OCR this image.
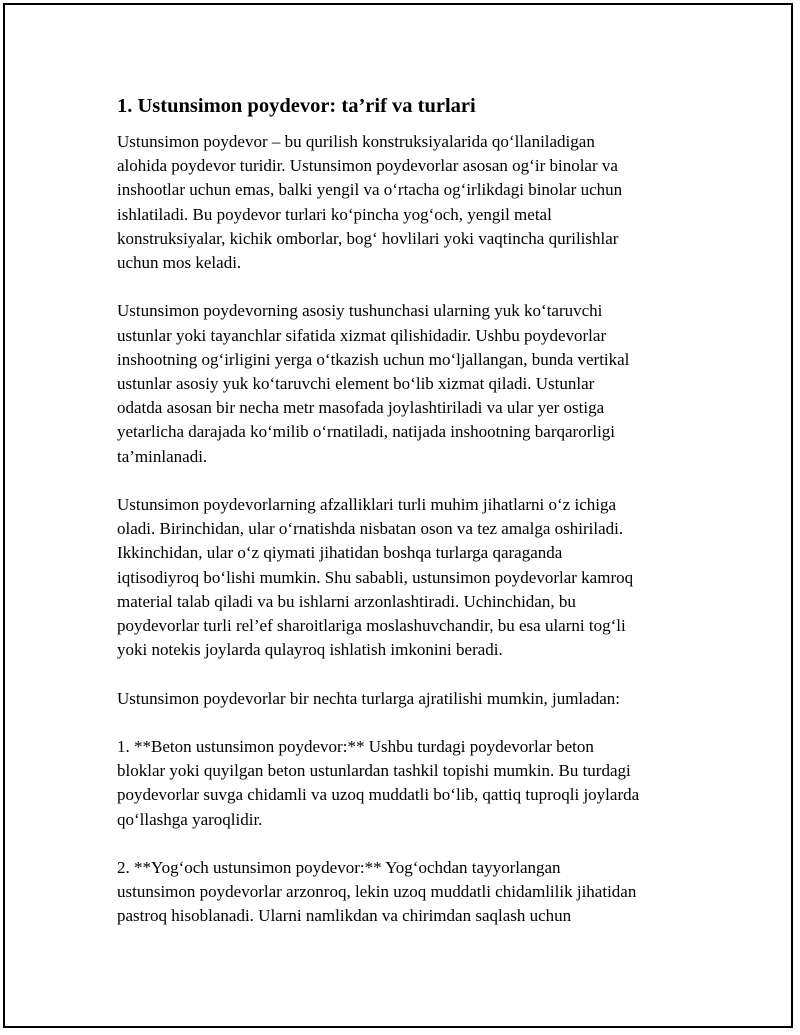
1. Ustunsimon poydevor: ta’rif va turlari
Ustunsimon poydevor – bu qurilish konstruksiyalarida qo‘llaniladigan
alohida poydevor turidir. Ustunsimon poydevorlar asosan og‘ir binolar va
inshootlar uchun emas, balki yengil va o‘rtacha og‘irlikdagi binolar uchun
ishlatiladi. Bu poydevor turlari ko‘pincha yog‘och, yengil metal
konstruksiyalar, kichik omborlar, bog‘ hovlilari yoki vaqtincha qurilishlar
uchun mos keladi.
Ustunsimon poydevorning asosiy tushunchasi ularning yuk ko‘taruvchi
ustunlar yoki tayanchlar sifatida xizmat qilishidadir. Ushbu poydevorlar
inshootning og‘irligini yerga o‘tkazish uchun mo‘ljallangan, bunda vertikal
ustunlar asosiy yuk ko‘taruvchi element bo‘lib xizmat qiladi. Ustunlar
odatda asosan bir necha metr masofada joylashtiriladi va ular yer ostiga
yetarlicha darajada ko‘milib o‘rnatiladi, natijada inshootning barqarorligi
ta’minlanadi.
Ustunsimon poydevorlarning afzalliklari turli muhim jihatlarni o‘z ichiga
oladi. Birinchidan, ular o‘rnatishda nisbatan oson va tez amalga oshiriladi.
Ikkinchidan, ular o‘z qiymati jihatidan boshqa turlarga qaraganda
iqtisodiyroq bo‘lishi mumkin. Shu sababli, ustunsimon poydevorlar kamroq
material talab qiladi va bu ishlarni arzonlashtiradi. Uchinchidan, bu
poydevorlar turli rel’ef sharoitlariga moslashuvchandir, bu esa ularni tog‘li
yoki notekis joylarda qulayroq ishlatish imkonini beradi.
Ustunsimon poydevorlar bir nechta turlarga ajratilishi mumkin, jumladan:
1. **Beton ustunsimon poydevor:** Ushbu turdagi poydevorlar beton
bloklar yoki quyilgan beton ustunlardan tashkil topishi mumkin. Bu turdagi
poydevorlar suvga chidamli va uzoq muddatli bo‘lib, qattiq tuproqli joylarda
qo‘llashga yaroqlidir.
2. **Yog‘och ustunsimon poydevor:** Yog‘ochdan tayyorlangan
ustunsimon poydevorlar arzonroq, lekin uzoq muddatli chidamlilik jihatidan
pastroq hisoblanadi. Ularni namlikdan va chirimdan saqlash uchun
